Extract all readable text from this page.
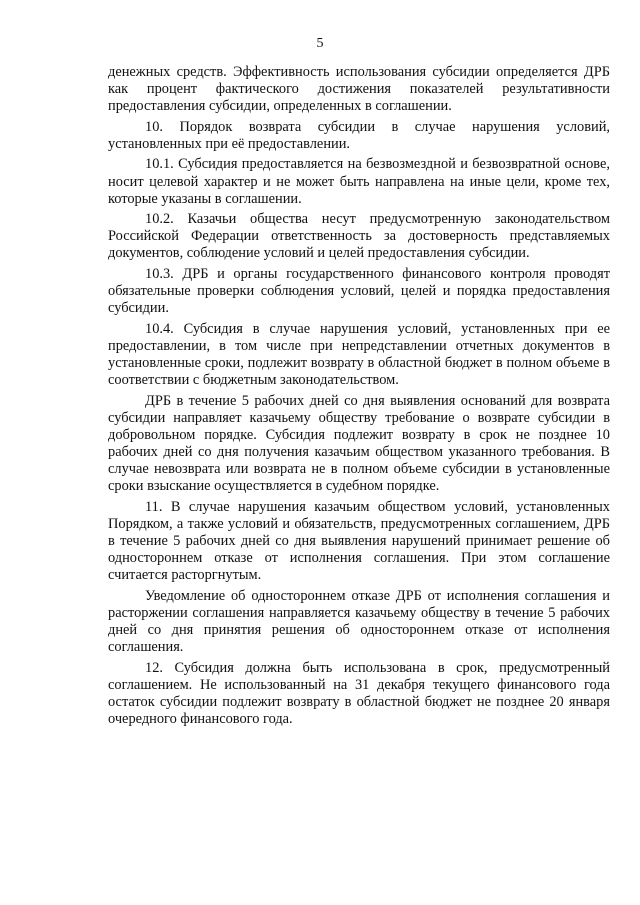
5

денежных средств. Эффективность использования субсидии определяется ДРБ как процент фактического достижения показателей результативности предоставления субсидии, определенных в соглашении.

10. Порядок возврата субсидии в случае нарушения условий, установленных при её предоставлении.

10.1. Субсидия предоставляется на безвозмездной и безвозвратной основе, носит целевой характер и не может быть направлена на иные цели, кроме тех, которые указаны в соглашении.

10.2. Казачьи общества несут предусмотренную законодательством Российской Федерации ответственность за достоверность представляемых документов, соблюдение условий и целей предоставления субсидии.

10.3. ДРБ и органы государственного финансового контроля проводят обязательные проверки соблюдения условий, целей и порядка предоставления субсидии.

10.4. Субсидия в случае нарушения условий, установленных при ее предоставлении, в том числе при непредставлении отчетных документов в установленные сроки, подлежит возврату в областной бюджет в полном объеме в соответствии с бюджетным законодательством.

ДРБ в течение 5 рабочих дней со дня выявления оснований для возврата субсидии направляет казачьему обществу требование о возврате субсидии в добровольном порядке. Субсидия подлежит возврату в срок не позднее 10 рабочих дней со дня получения казачьим обществом указанного требования. В случае невозврата или возврата не в полном объеме субсидии в установленные сроки взыскание осуществляется в судебном порядке.

11. В случае нарушения казачьим обществом условий, установленных Порядком, а также условий и обязательств, предусмотренных соглашением, ДРБ в течение 5 рабочих дней со дня выявления нарушений принимает решение об одностороннем отказе от исполнения соглашения. При этом соглашение считается расторгнутым.

Уведомление об одностороннем отказе ДРБ от исполнения соглашения и расторжении соглашения направляется казачьему обществу в течение 5 рабочих дней со дня принятия решения об одностороннем отказе от исполнения соглашения.

12. Субсидия должна быть использована в срок, предусмотренный соглашением. Не использованный на 31 декабря текущего финансового года остаток субсидии подлежит возврату в областной бюджет не позднее 20 января очередного финансового года.
